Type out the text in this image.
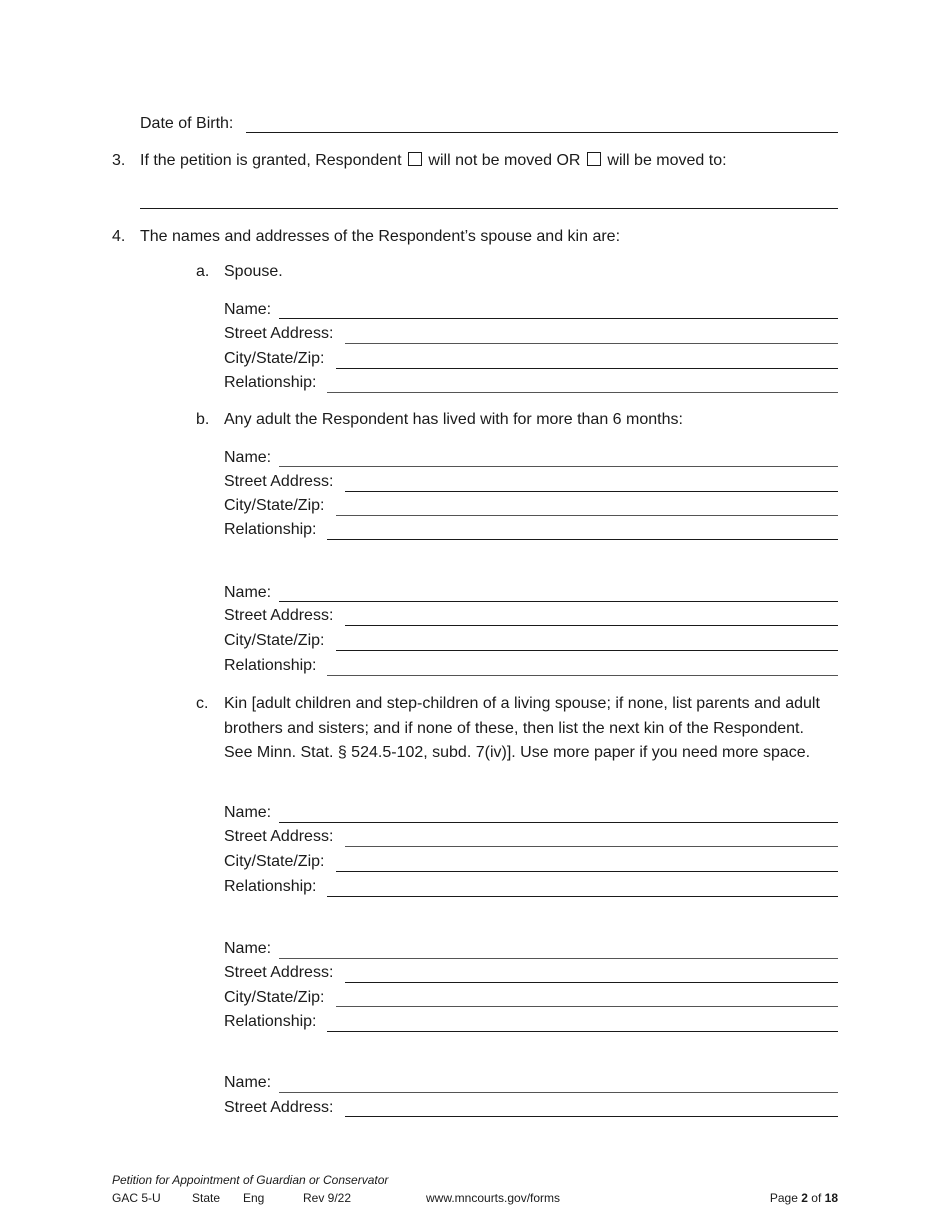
Date of Birth:
3. If the petition is granted, Respondent will not be moved OR will be moved to:
4. The names and addresses of the Respondent’s spouse and kin are:
a. Spouse.
Name:
Street Address:
City/State/Zip:
Relationship:
b. Any adult the Respondent has lived with for more than 6 months:
Name:
Street Address:
City/State/Zip:
Relationship:
Name:
Street Address:
City/State/Zip:
Relationship:
c. Kin [adult children and step-children of a living spouse; if none, list parents and adult brothers and sisters; and if none of these, then list the next kin of the Respondent. See Minn. Stat. § 524.5-102, subd. 7(iv)]. Use more paper if you need more space.
Name:
Street Address:
City/State/Zip:
Relationship:
Name:
Street Address:
City/State/Zip:
Relationship:
Name:
Street Address:
Petition for Appointment of Guardian or Conservator
GAC 5-U	State Eng	Rev 9/22	www.mncourts.gov/forms	Page 2 of 18
